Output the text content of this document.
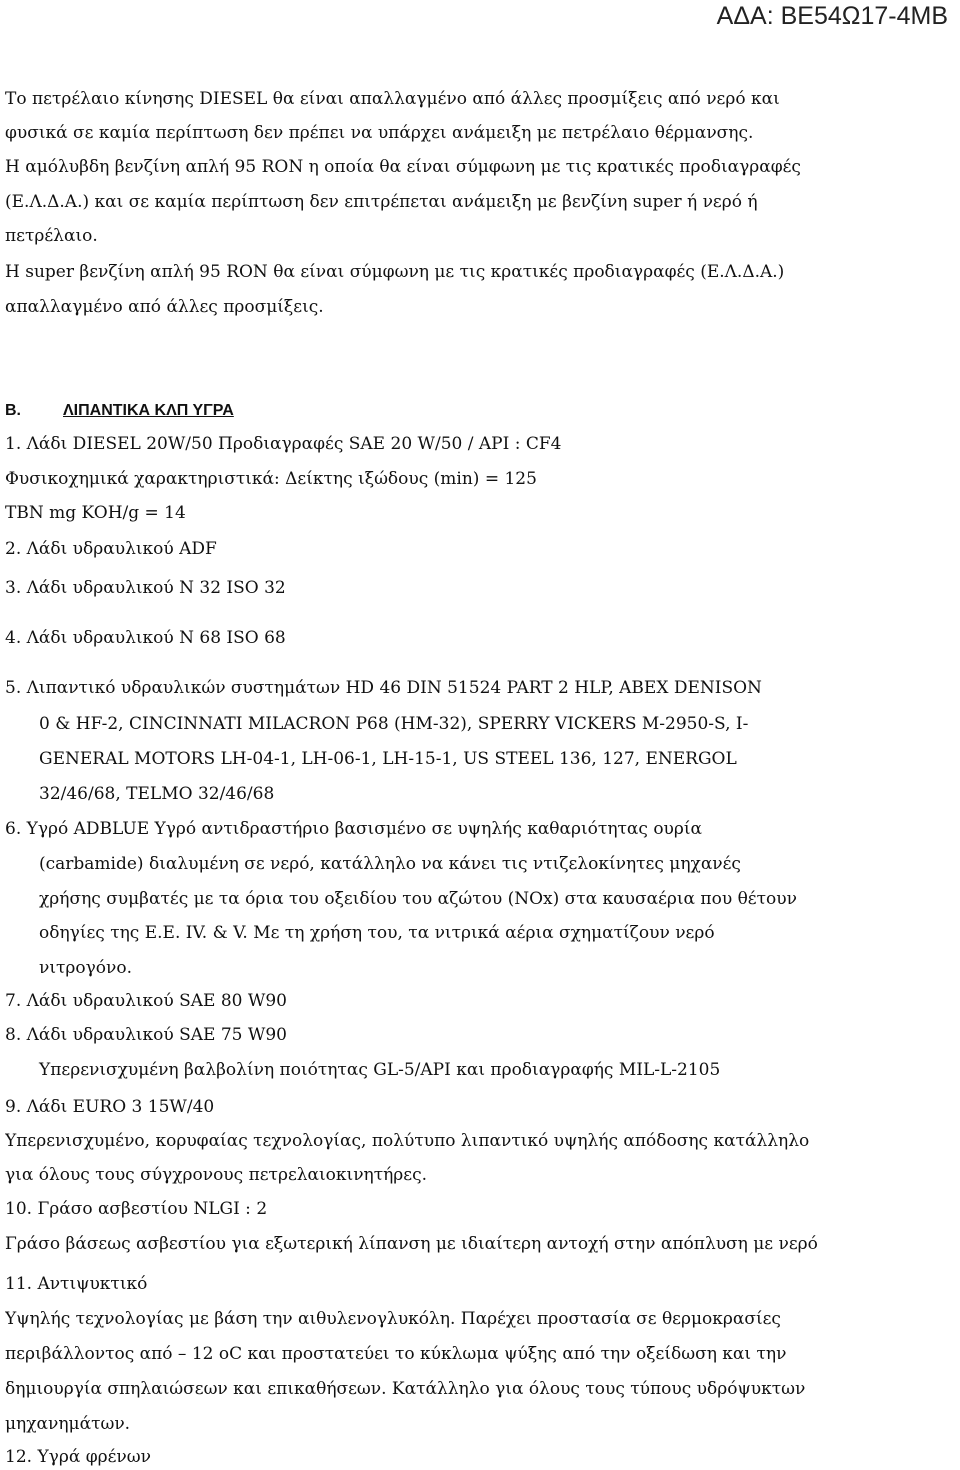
ΑΔΑ: ΒΕ54Ω17-4ΜΒ
Το πετρέλαιο κίνησης DIESEL θα είναι απαλλαγμένο από άλλες προσμίξεις από νερό και
φυσικά σε καμία περίπτωση δεν πρέπει να υπάρχει ανάμειξη με πετρέλαιο θέρμανσης.
Η αμόλυβδη βενζίνη απλή 95 RON η οποία θα είναι σύμφωνη με τις κρατικές προδιαγραφές
(Ε.Λ.Δ.Α.) και σε καμία περίπτωση δεν επιτρέπεται ανάμειξη με βενζίνη super ή νερό ή
πετρέλαιο.
Η super βενζίνη απλή 95 RON θα είναι σύμφωνη με τις κρατικές προδιαγραφές (Ε.Λ.Δ.Α.)
απαλλαγμένο από άλλες προσμίξεις.
Β.	ΛΙΠΑΝΤΙΚΑ ΚΛΠ ΥΓΡΑ
1. Λάδι DIESEL 20W/50 Προδιαγραφές SAE 20 W/50 / API : CF4
Φυσικοχημικά χαρακτηριστικά: Δείκτης ιξώδους (min) = 125
TBN mg KOH/g = 14
2. Λάδι υδραυλικού ADF
3. Λάδι υδραυλικού Ν 32 ISO 32
4. Λάδι υδραυλικού Ν 68 ISO 68
5. Λιπαντικό υδραυλικών συστημάτων HD 46 DIN 51524 PART 2 HLP, ABEX DENISON
0 & HF-2, CINCINNATI MILACRON P68 (HM-32), SPERRY VICKERS M-2950-S, I-
GENERAL MOTORS LH-04-1, LH-06-1, LH-15-1, US STEEL 136, 127, ENERGOL
32/46/68, TELMO 32/46/68
6. Υγρό ADBLUE Υγρό αντιδραστήριο βασισμένο σε υψηλής καθαριότητας ουρία
(carbamide) διαλυμένη σε νερό, κατάλληλο να κάνει τις ντιζελοκίνητες μηχανές
χρήσης συμβατές με τα όρια του οξειδίου του αζώτου (NOx) στα καυσαέρια που θέτουν
οδηγίες της Ε.Ε. IV. & V. Με τη χρήση του, τα νιτρικά αέρια σχηματίζουν νερό
νιτρογόνο.
7. Λάδι υδραυλικού SAE 80 W90
8. Λάδι υδραυλικού SAE 75 W90
Υπερενισχυμένη βαλβολίνη ποιότητας GL-5/API και προδιαγραφής MIL-L-2105
9. Λάδι EURO 3 15W/40
Υπερενισχυμένο, κορυφαίας τεχνολογίας, πολύτυπο λιπαντικό υψηλής απόδοσης κατάλληλο
για όλους τους σύγχρονους πετρελαιοκινητήρες.
10. Γράσο ασβεστίου NLGI : 2
Γράσο βάσεως ασβεστίου για εξωτερική λίπανση με ιδιαίτερη αντοχή στην απόπλυση με νερό
11. Αντιψυκτικό
Υψηλής τεχνολογίας με βάση την αιθυλενογλυκόλη. Παρέχει προστασία σε θερμοκρασίες
περιβάλλοντος από – 12 oC και προστατεύει το κύκλωμα ψύξης από την οξείδωση και την
δημιουργία σπηλαιώσεων και επικαθήσεων. Κατάλληλο για όλους τους τύπους υδρόψυκτων
μηχανημάτων.
12. Υγρά φρένων
